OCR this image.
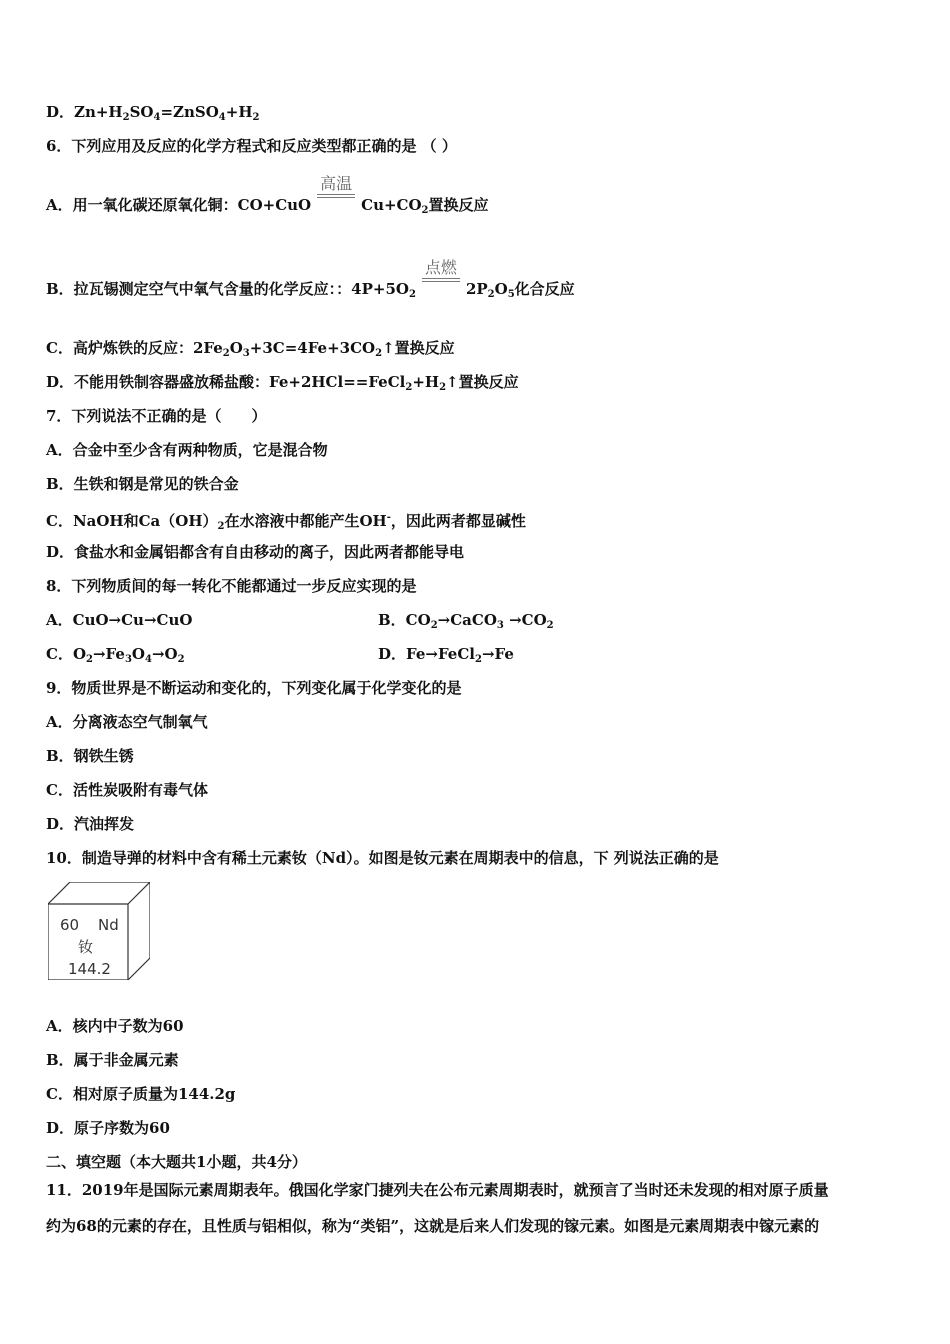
D．$Zn+H_2SO_4=ZnSO_4+H_2$
6．下列应用及反应的化学方程式和反应类型都正确的是 （ ）
A．用一氧化碳还原氧化铜：CO+CuO
高温
$Cu+CO_2$置换反应
B．拉瓦锡测定空气中氧气含量的化学反应：：$4P+5O_2$
点燃
$2P_2O_5$化合反应
C．高炉炼铁的反应：$2Fe_2O_3+3C=4Fe+3CO_2↑$置换反应
D．不能用铁制容器盛放稀盐酸：$Fe+2HCl==FeCl_2+H_2↑$置换反应
7．下列说法不正确的是（　　）
A．合金中至少含有两种物质，它是混合物
B．生铁和钢是常见的铁合金
C．NaOH和$Ca(OH)_2$在水溶液中都能产生OH-，因此两者都显碱性
D．食盐水和金属铝都含有自由移动的离子，因此两者都能导电
8．下列物质间的每一转化不能都通过一步反应实现的是
A．CuO→Cu→CuO	B．$CO_2\to CaCO_3 \to CO_2$
C．$O_2\to Fe_3O_4\to O_2$	D．Fe→FeCl$_2$→Fe
9．物质世界是不断运动和变化的，下列变化属于化学变化的是
A．分离液态空气制氧气
B．钢铁生锈
C．活性炭吸附有毒气体
D．汽油挥发
10．制造导弹的材料中含有稀土元素钕（Nd）。如图是钕元素在周期表中的信息，下 列说法正确的是
60 Nd
钕
144.2
A．核内中子数为60
B．属于非金属元素
C．相对原子质量为144.2g
D．原子序数为60
二、填空题（本大题共1小题，共4分）
11．2019年是国际元素周期表年。俄国化学家门捷列夫在公布元素周期表时，就预言了当时还未发现的相对原子质量
约为68的元素的存在，且性质与铝相似，称为“类铝”，这就是后来人们发现的镓元素。如图是元素周期表中镓元素的
